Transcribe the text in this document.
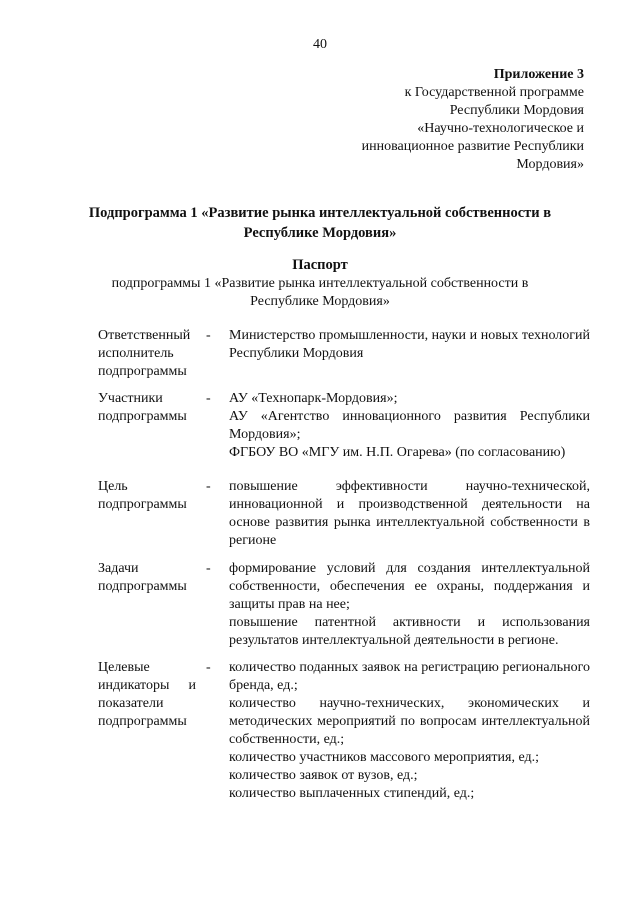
40
Приложение 3
к Государственной программе
Республики Мордовия
«Научно-технологическое и
инновационное развитие Республики
Мордовия»
Подпрограмма 1 «Развитие рынка интеллектуальной собственности в
Республике Мордовия»
Паспорт
подпрограммы 1 «Развитие рынка интеллектуальной собственности в
Республике Мордовия»
Ответственный
исполнитель
подпрограммы
- Министерство промышленности, науки и новых технологий Республики Мордовия
Участники
подпрограммы
- АУ «Технопарк-Мордовия»;
АУ «Агентство инновационного развития Республики Мордовия»;
ФГБОУ ВО «МГУ им. Н.П. Огарева» (по согласованию)
Цель
подпрограммы
- повышение эффективности научно-технической, инновационной и производственной деятельности на основе развития рынка интеллектуальной собственности в регионе
Задачи
подпрограммы
- формирование условий для создания интеллектуальной собственности, обеспечения ее охраны, поддержания и защиты прав на нее;
повышение патентной активности и использования результатов интеллектуальной деятельности в регионе.
Целевые
индикаторы и
показатели
подпрограммы
- количество поданных заявок на регистрацию регионального бренда, ед.;
количество научно-технических, экономических и методических мероприятий по вопросам интеллектуальной собственности, ед.;
количество участников массового мероприятия, ед.;
количество заявок от вузов, ед.;
количество выплаченных стипендий, ед.;
